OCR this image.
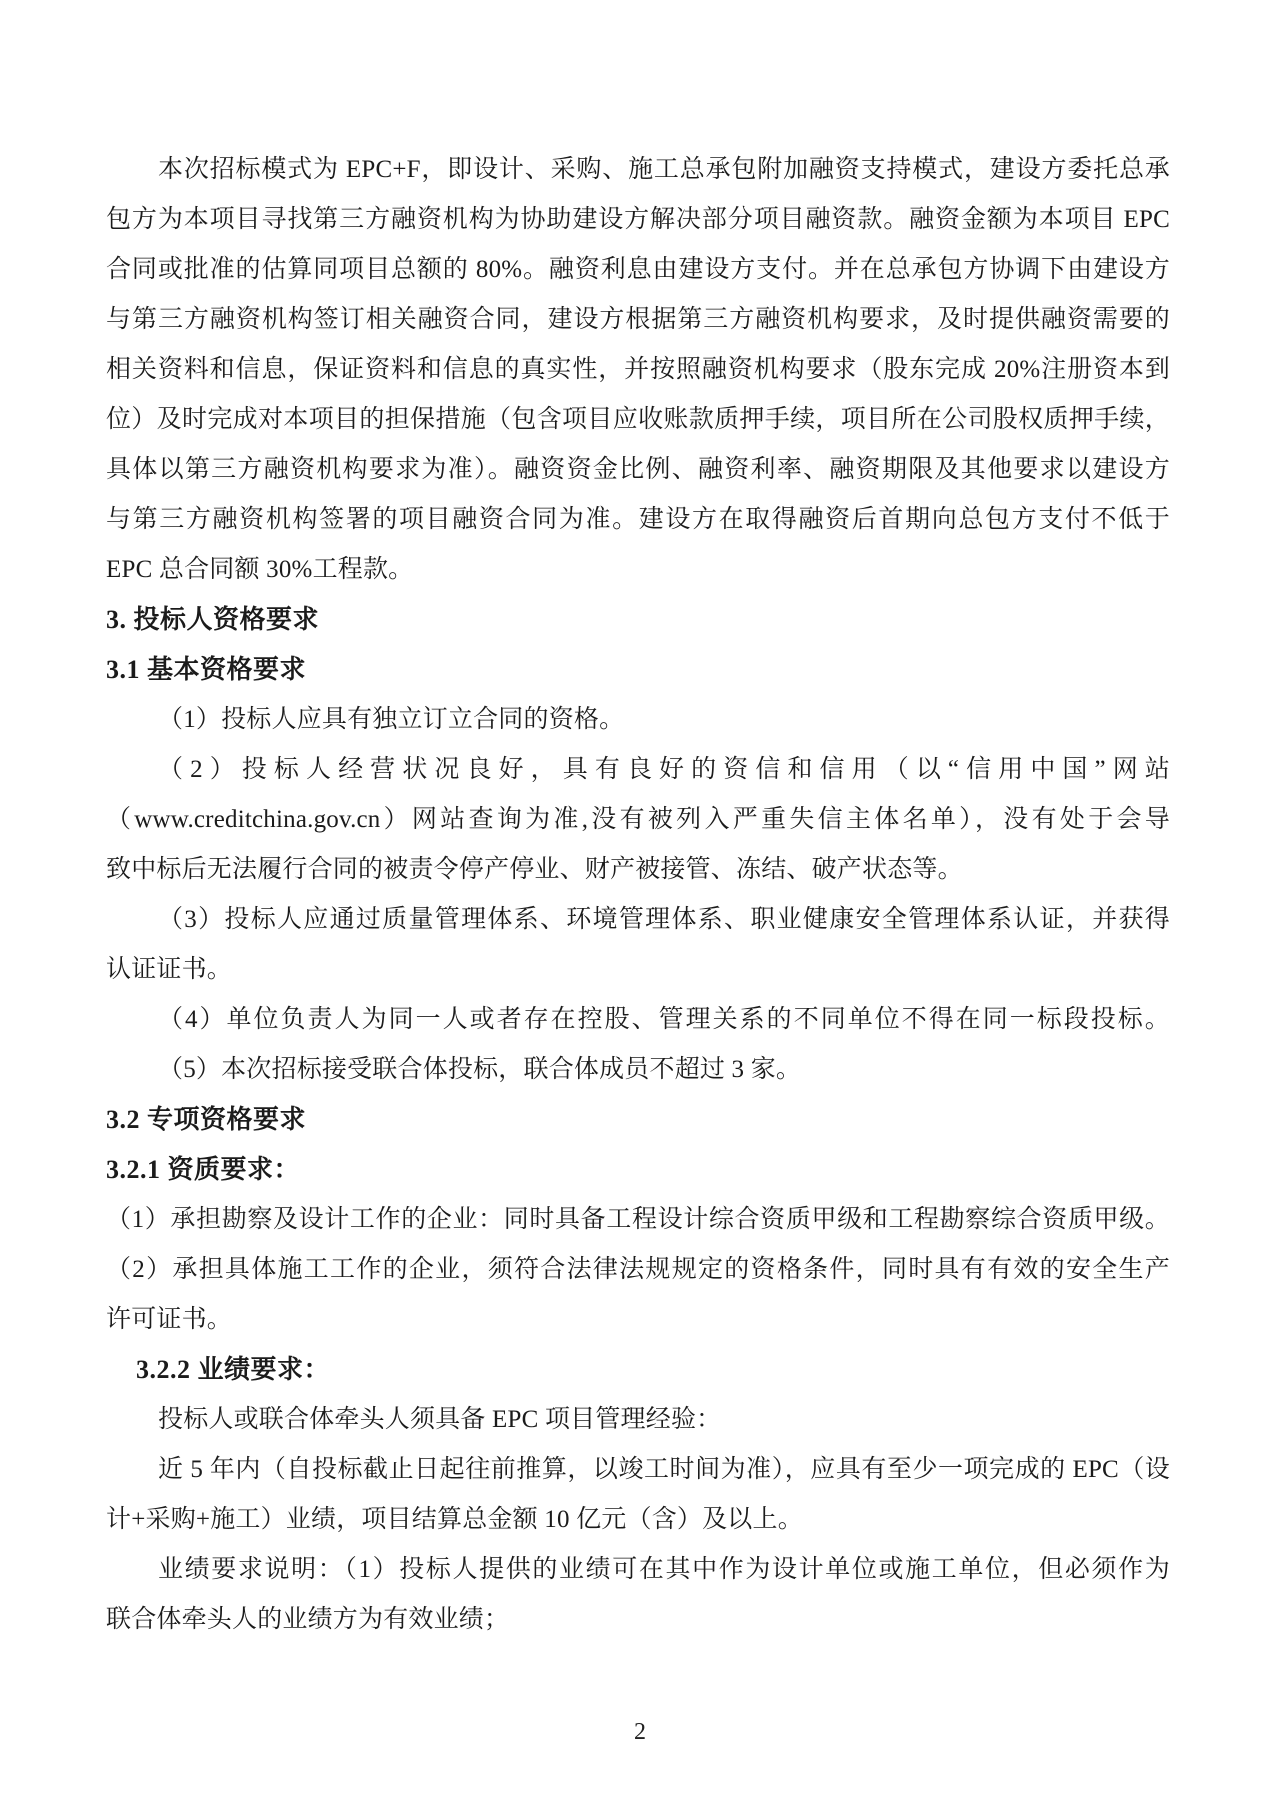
本次招标模式为 EPC+F，即设计、采购、施工总承包附加融资支持模式，建设方委托总承

包方为本项目寻找第三方融资机构为协助建设方解决部分项目融资款。融资金额为本项目 EPC

合同或批准的估算同项目总额的 80%。融资利息由建设方支付。并在总承包方协调下由建设方

与第三方融资机构签订相关融资合同，建设方根据第三方融资机构要求，及时提供融资需要的

相关资料和信息，保证资料和信息的真实性，并按照融资机构要求（股东完成 20%注册资本到

位）及时完成对本项目的担保措施（包含项目应收账款质押手续，项目所在公司股权质押手续，

具体以第三方融资机构要求为准）。融资资金比例、融资利率、融资期限及其他要求以建设方

与第三方融资机构签署的项目融资合同为准。建设方在取得融资后首期向总包方支付不低于

EPC 总合同额 30%工程款。

3. 投标人资格要求

3.1 基本资格要求

（1）投标人应具有独立订立合同的资格。

（2）投标人经营状况良好，具有良好的资信和信用（以“信用中国”网站

（www.creditchina.gov.cn）网站查询为准,没有被列入严重失信主体名单），没有处于会导

致中标后无法履行合同的被责令停产停业、财产被接管、冻结、破产状态等。

（3）投标人应通过质量管理体系、环境管理体系、职业健康安全管理体系认证，并获得

认证证书。

（4）单位负责人为同一人或者存在控股、管理关系的不同单位不得在同一标段投标。

（5）本次招标接受联合体投标，联合体成员不超过 3 家。

3.2 专项资格要求

3.2.1 资质要求：

（1）承担勘察及设计工作的企业：同时具备工程设计综合资质甲级和工程勘察综合资质甲级。

（2）承担具体施工工作的企业，须符合法律法规规定的资格条件，同时具有有效的安全生产

许可证书。

3.2.2 业绩要求：

投标人或联合体牵头人须具备 EPC 项目管理经验：

近 5 年内（自投标截止日起往前推算，以竣工时间为准），应具有至少一项完成的 EPC（设

计+采购+施工）业绩，项目结算总金额 10 亿元（含）及以上。

业绩要求说明：（1）投标人提供的业绩可在其中作为设计单位或施工单位，但必须作为

联合体牵头人的业绩方为有效业绩；

2
